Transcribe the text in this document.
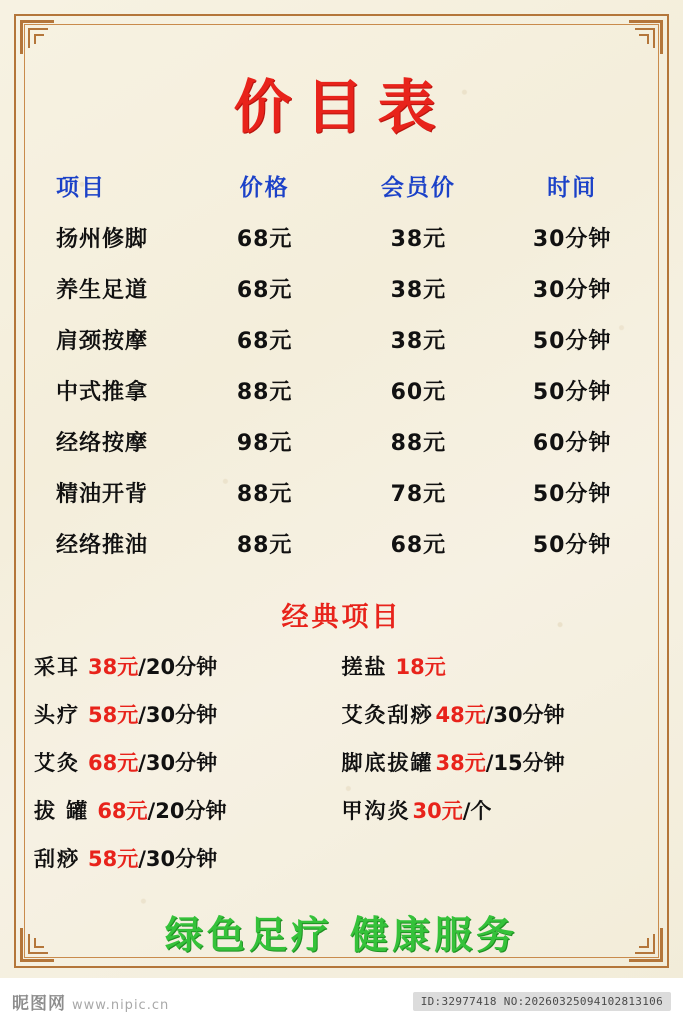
价目表
项目	价格	会员价	时间
扬州修脚	68元	38元	30分钟
养生足道	68元	38元	30分钟
肩颈按摩	68元	38元	50分钟
中式推拿	88元	60元	50分钟
经络按摩	98元	88元	60分钟
精油开背	88元	78元	50分钟
经络推油	88元	68元	50分钟
经典项目
采耳 38元/20分钟	搓盐 18元
头疗 58元/30分钟	艾灸刮痧48元/30分钟
艾灸 68元/30分钟	脚底拔罐38元/15分钟
拔 罐 68元/20分钟	甲沟炎30元/个
刮痧 58元/30分钟	
绿色足疗 健康服务
昵图网 www.nipic.cn	ID:32977418 NO:20260325094102813106
